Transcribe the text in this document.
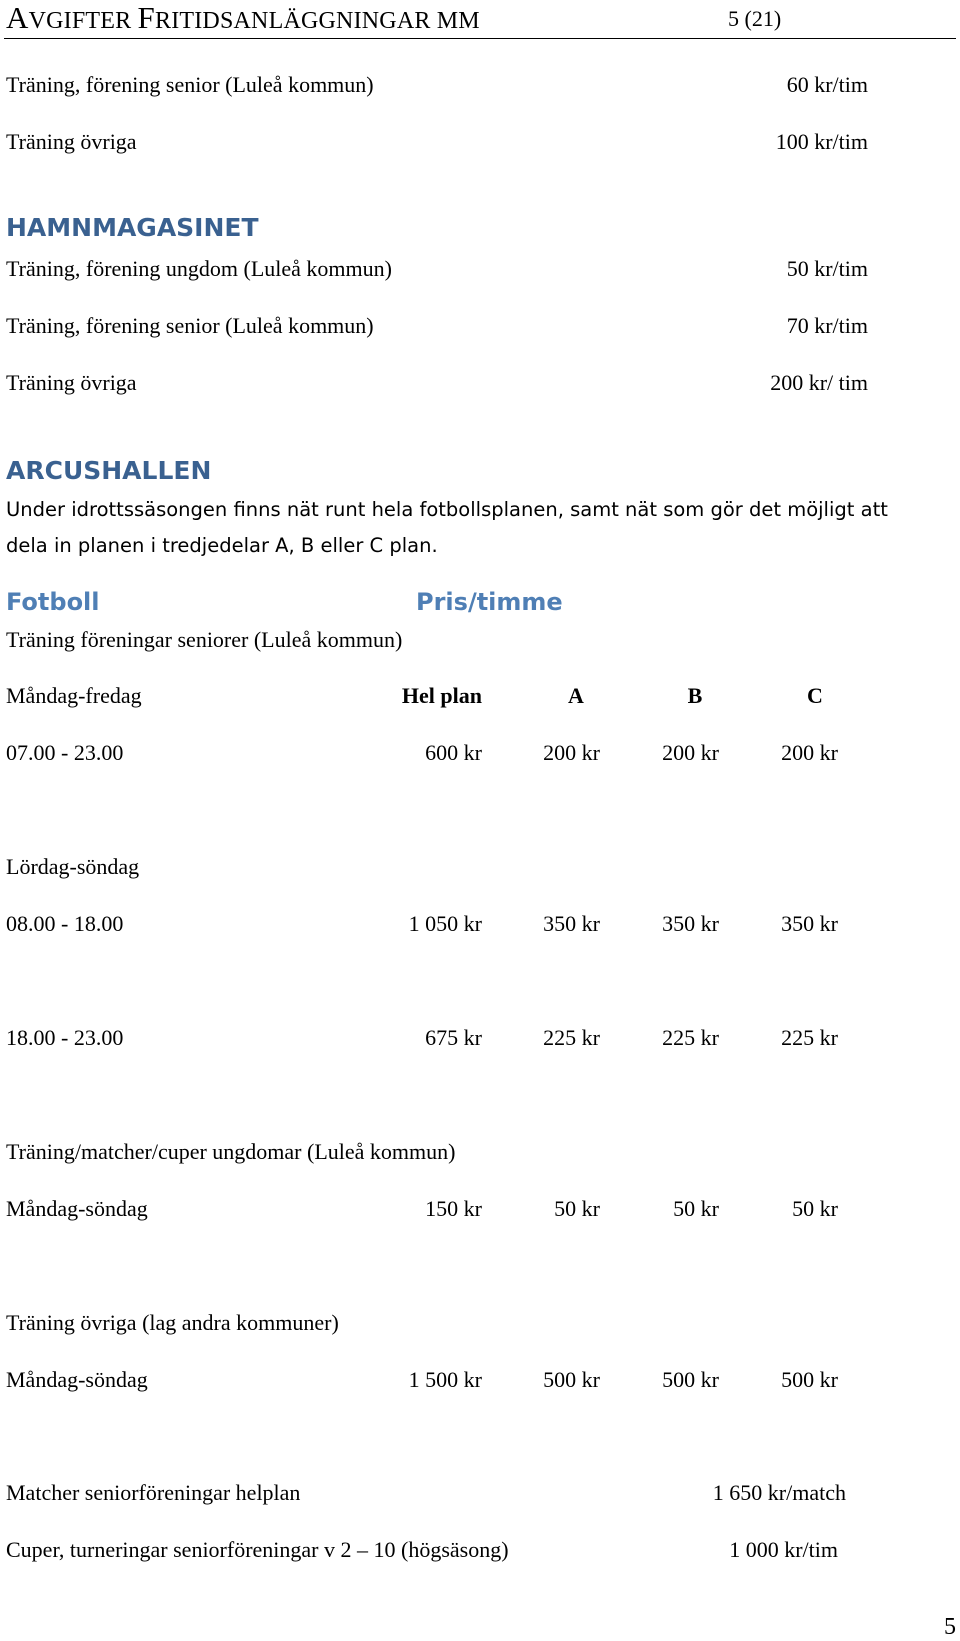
AVGIFTER FRITIDSANLÄGGNINGAR MM	5 (21)
Träning, förening senior (Luleå kommun)	60 kr/tim
Träning övriga	100 kr/tim
HAMNMAGASINET
Träning, förening ungdom (Luleå kommun)	50 kr/tim
Träning, förening senior (Luleå kommun)	70 kr/tim
Träning övriga	200 kr/ tim
ARCUSHALLEN
Under idrottssäsongen finns nät runt hela fotbollsplanen, samt nät som gör det möjligt att
dela in planen i tredjedelar A, B eller C plan.
Fotboll	Pris/timme
Träning föreningar seniorer (Luleå kommun)
Måndag-fredag	Hel plan	A	B	C
07.00 - 23.00	600 kr	200 kr	200 kr	200 kr
Lördag-söndag
08.00 - 18.00	1 050 kr	350 kr	350 kr	350 kr
18.00 - 23.00	675 kr	225 kr	225 kr	225 kr
Träning/matcher/cuper ungdomar (Luleå kommun)
Måndag-söndag	150 kr	50 kr	50 kr	50 kr
Träning övriga (lag andra kommuner)
Måndag-söndag	1 500 kr	500 kr	500 kr	500 kr
Matcher seniorföreningar helplan	1 650 kr/match
Cuper, turneringar seniorföreningar v 2 – 10 (högsäsong)	1 000 kr/tim
5
